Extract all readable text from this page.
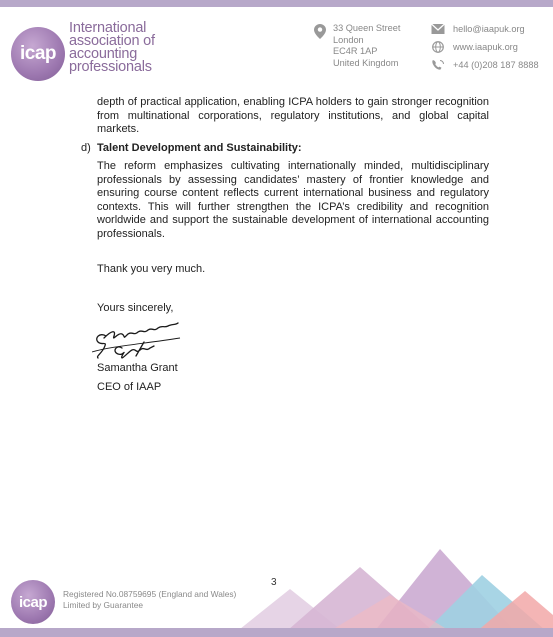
icap
International
association of
accounting
professionals
33 Queen Street
London
EC4R 1AP
United Kingdom
hello@iaapuk.org
www.iaapuk.org
+44 (0)208 187 8888

depth of practical application, enabling ICPA holders to gain stronger recognition from multinational corporations, regulatory institutions, and global capital markets.

d) Talent Development and Sustainability:

The reform emphasizes cultivating internationally minded, multidisciplinary professionals by assessing candidates’ mastery of frontier knowledge and ensuring course content reflects current international business and regulatory contexts. This will further strengthen the ICPA’s credibility and recognition worldwide and support the sustainable development of international accounting professionals.

Thank you very much.
Yours sincerely,
Samantha Grant
CEO of IAAP
3
icap Registered No.08759695 (England and Wales)
Limited by Guarantee
